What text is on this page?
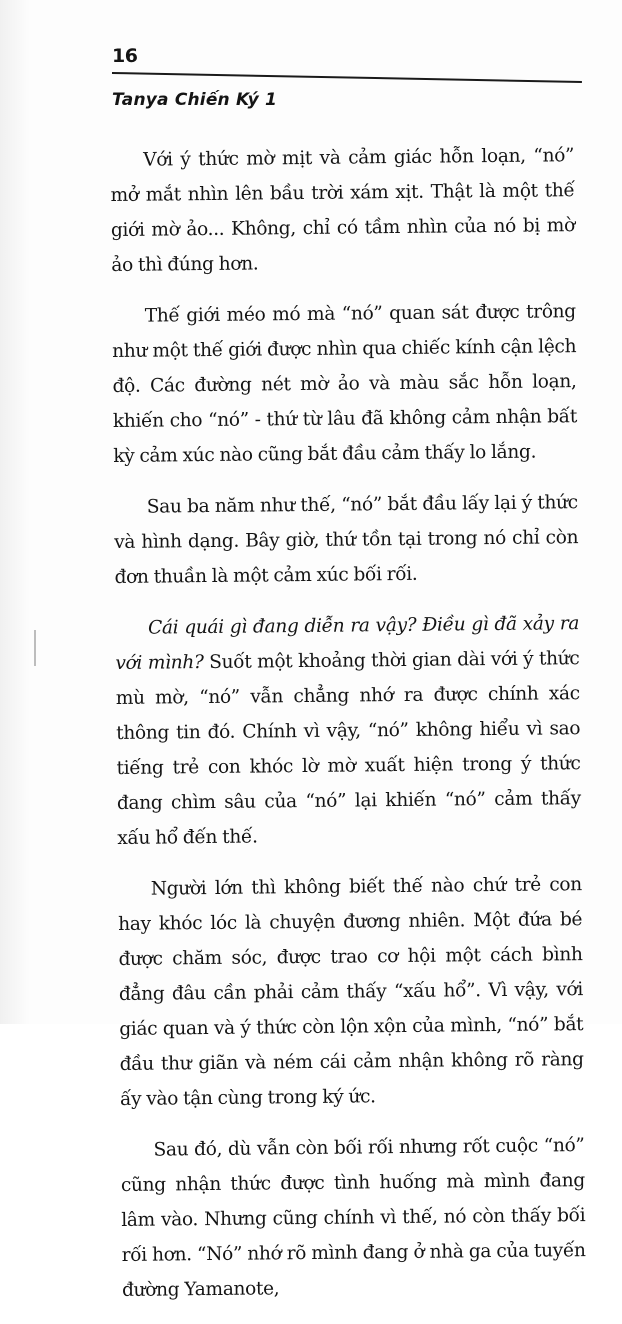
16
Tanya Chiến Ký 1

Với ý thức mờ mịt và cảm giác hỗn loạn, “nó” mở mắt nhìn lên bầu trời xám xịt. Thật là một thế giới mờ ảo... Không, chỉ có tầm nhìn của nó bị mờ ảo thì đúng hơn.

Thế giới méo mó mà “nó” quan sát được trông như một thế giới được nhìn qua chiếc kính cận lệch độ. Các đường nét mờ ảo và màu sắc hỗn loạn, khiến cho “nó” - thứ từ lâu đã không cảm nhận bất kỳ cảm xúc nào cũng bắt đầu cảm thấy lo lắng.

Sau ba năm như thế, “nó” bắt đầu lấy lại ý thức và hình dạng. Bây giờ, thứ tồn tại trong nó chỉ còn đơn thuần là một cảm xúc bối rối.

Cái quái gì đang diễn ra vậy? Điều gì đã xảy ra với mình? Suốt một khoảng thời gian dài với ý thức mù mờ, “nó” vẫn chẳng nhớ ra được chính xác thông tin đó. Chính vì vậy, “nó” không hiểu vì sao tiếng trẻ con khóc lờ mờ xuất hiện trong ý thức đang chìm sâu của “nó” lại khiến “nó” cảm thấy xấu hổ đến thế.

Người lớn thì không biết thế nào chứ trẻ con hay khóc lóc là chuyện đương nhiên. Một đứa bé được chăm sóc, được trao cơ hội một cách bình đẳng đâu cần phải cảm thấy “xấu hổ”. Vì vậy, với giác quan và ý thức còn lộn xộn của mình, “nó” bắt đầu thư giãn và ném cái cảm nhận không rõ ràng ấy vào tận cùng trong ký ức.

Sau đó, dù vẫn còn bối rối nhưng rốt cuộc “nó” cũng nhận thức được tình huống mà mình đang lâm vào. Nhưng cũng chính vì thế, nó còn thấy bối rối hơn. “Nó” nhớ rõ mình đang ở nhà ga của tuyến đường Yamanote,
